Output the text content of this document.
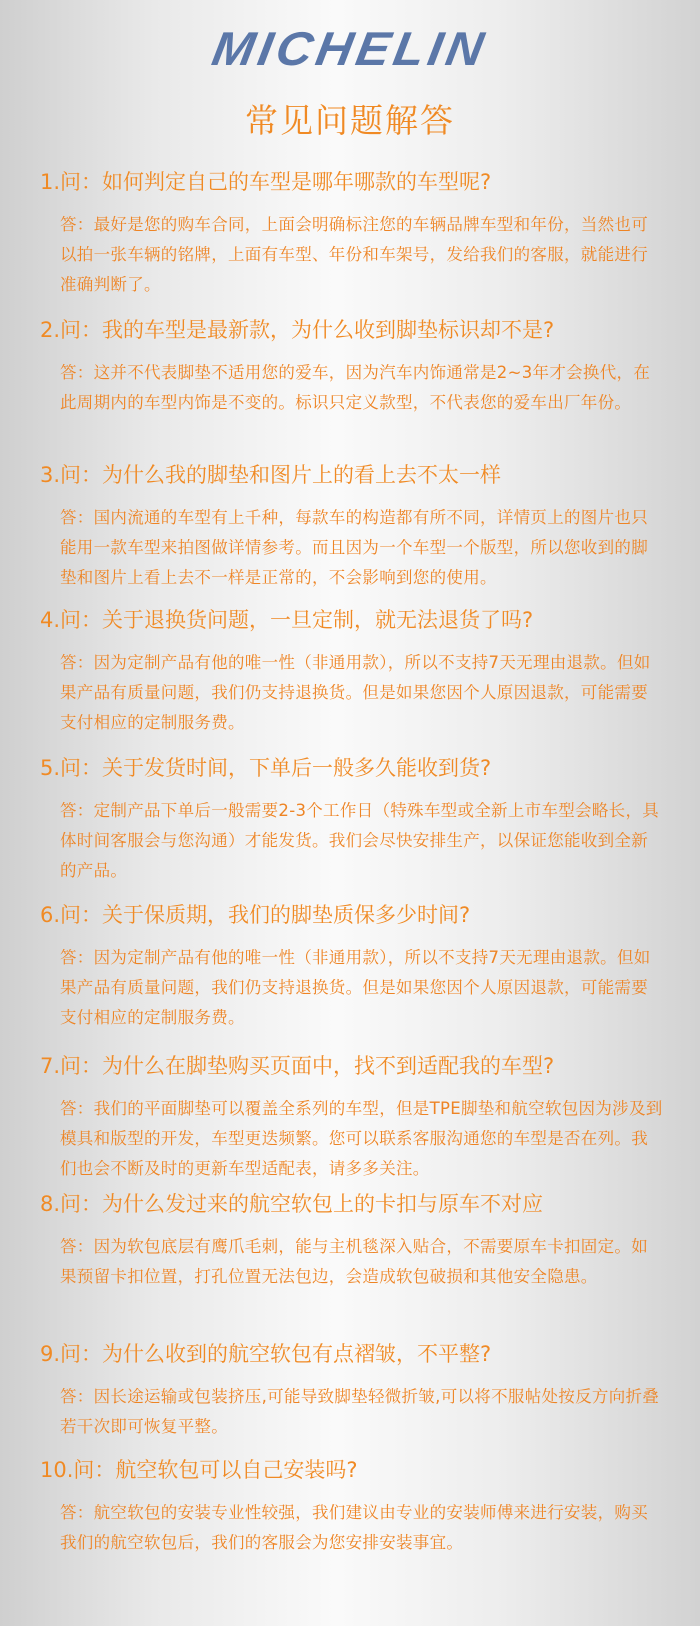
MICHELIN
常见问题解答
1.问：如何判定自己的车型是哪年哪款的车型呢?
答：最好是您的购车合同，上面会明确标注您的车辆品牌车型和年份，当然也可以拍一张车辆的铭牌，上面有车型、年份和车架号，发给我们的客服，就能进行准确判断了。
2.问：我的车型是最新款，为什么收到脚垫标识却不是?
答：这并不代表脚垫不适用您的爱车，因为汽车内饰通常是2~3年才会换代，在此周期内的车型内饰是不变的。标识只定义款型，不代表您的爱车出厂年份。
3.问：为什么我的脚垫和图片上的看上去不太一样
答：国内流通的车型有上千种，每款车的构造都有所不同，详情页上的图片也只能用一款车型来拍图做详情参考。而且因为一个车型一个版型，所以您收到的脚垫和图片上看上去不一样是正常的，不会影响到您的使用。
4.问：关于退换货问题，一旦定制，就无法退货了吗?
答：因为定制产品有他的唯一性（非通用款），所以不支持7天无理由退款。但如果产品有质量问题，我们仍支持退换货。但是如果您因个人原因退款，可能需要支付相应的定制服务费。
5.问：关于发货时间，下单后一般多久能收到货?
答：定制产品下单后一般需要2-3个工作日（特殊车型或全新上市车型会略长，具体时间客服会与您沟通）才能发货。我们会尽快安排生产，以保证您能收到全新的产品。
6.问：关于保质期，我们的脚垫质保多少时间?
答：因为定制产品有他的唯一性（非通用款），所以不支持7天无理由退款。但如果产品有质量问题，我们仍支持退换货。但是如果您因个人原因退款，可能需要支付相应的定制服务费。
7.问：为什么在脚垫购买页面中，找不到适配我的车型?
答：我们的平面脚垫可以覆盖全系列的车型，但是TPE脚垫和航空软包因为涉及到模具和版型的开发，车型更迭频繁。您可以联系客服沟通您的车型是否在列。我们也会不断及时的更新车型适配表，请多多关注。
8.问：为什么发过来的航空软包上的卡扣与原车不对应
答：因为软包底层有鹰爪毛刺，能与主机毯深入贴合，不需要原车卡扣固定。如果预留卡扣位置，打孔位置无法包边，会造成软包破损和其他安全隐患。
9.问：为什么收到的航空软包有点褶皱，不平整?
答：因长途运输或包装挤压,可能导致脚垫轻微折皱,可以将不服帖处按反方向折叠若干次即可恢复平整。
10.问：航空软包可以自己安装吗?
答：航空软包的安装专业性较强，我们建议由专业的安装师傅来进行安装，购买我们的航空软包后，我们的客服会为您安排安装事宜。
